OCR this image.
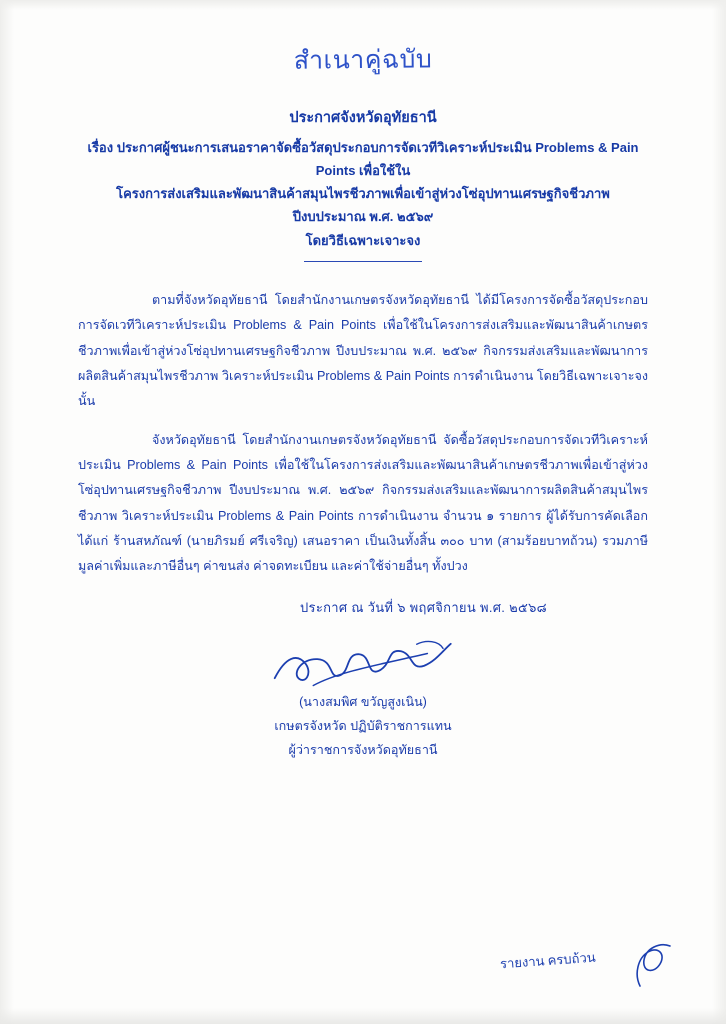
สำเนาคู่ฉบับ
ประกาศจังหวัดอุทัยธานี
เรื่อง ประกาศผู้ชนะการเสนอราคาจัดซื้อวัสดุประกอบการจัดเวทีวิเคราะห์ประเมิน Problems & Pain Points เพื่อใช้ใน
โครงการส่งเสริมและพัฒนาสินค้าสมุนไพรชีวภาพเพื่อเข้าสู่ห่วงโซ่อุปทานเศรษฐกิจชีวภาพ ปีงบประมาณ พ.ศ. ๒๕๖๙
โดยวิธีเฉพาะเจาะจง
ตามที่จังหวัดอุทัยธานี โดยสำนักงานเกษตรจังหวัดอุทัยธานี ได้มีโครงการจัดซื้อวัสดุประกอบการจัดเวทีวิเคราะห์ประเมิน Problems & Pain Points เพื่อใช้ในโครงการส่งเสริมและพัฒนาสินค้าเกษตรชีวภาพเพื่อเข้าสู่ห่วงโซ่อุปทานเศรษฐกิจชีวภาพ ปีงบประมาณ พ.ศ. ๒๕๖๙ กิจกรรมส่งเสริมและพัฒนาการผลิตสินค้าสมุนไพรชีวภาพ วิเคราะห์ประเมิน Problems & Pain Points การดำเนินงาน โดยวิธีเฉพาะเจาะจง นั้น
จังหวัดอุทัยธานี โดยสำนักงานเกษตรจังหวัดอุทัยธานี จัดซื้อวัสดุประกอบการจัดเวทีวิเคราะห์ประเมิน Problems & Pain Points เพื่อใช้ในโครงการส่งเสริมและพัฒนาสินค้าเกษตรชีวภาพเพื่อเข้าสู่ห่วงโซ่อุปทานเศรษฐกิจชีวภาพ ปีงบประมาณ พ.ศ. ๒๕๖๙ กิจกรรมส่งเสริมและพัฒนาการผลิตสินค้าสมุนไพรชีวภาพ วิเคราะห์ประเมิน Problems & Pain Points การดำเนินงาน จำนวน ๑ รายการ ผู้ได้รับการคัดเลือก ได้แก่ ร้านสหภัณฑ์ (นายภิรมย์ ศรีเจริญ) เสนอราคา เป็นเงินทั้งสิ้น ๓๐๐ บาท (สามร้อยบาทถ้วน) รวมภาษีมูลค่าเพิ่มและภาษีอื่นๆ ค่าขนส่ง ค่าจดทะเบียน และค่าใช้จ่ายอื่นๆ ทั้งปวง
ประกาศ ณ วันที่ ๖ พฤศจิกายน พ.ศ. ๒๕๖๘
(นางสมพิศ ขวัญสูงเนิน)
เกษตรจังหวัด ปฏิบัติราชการแทน
ผู้ว่าราชการจังหวัดอุทัยธานี
รายงาน ครบถ้วน
